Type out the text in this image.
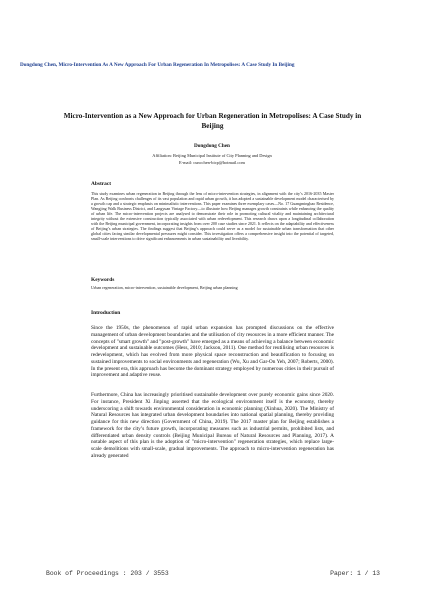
Dongdong Chen, Micro-Intervention As A New Approach For Urban Regeneration In Metropolises: A Case Study In Beijing
Micro-Intervention as a New Approach for Urban Regeneration in Metropolises: A Case Study in Beijing
Dongdong Chen
Affiliation: Beijing Municipal Institute of City Planning and Design
E-mail: cuncchen-bicp@hotmail.com
Abstract
This study examines urban regeneration in Beijing through the lens of micro-intervention strategies, in alignment with the city’s 2016-2035 Master Plan. As Beijing confronts challenges of its vast population and rapid urban growth, it has adopted a sustainable development model characterised by a growth cap and a strategic emphasis on minimalistic interventions. This paper examines three exemplary cases—No. 17 Guangmingbao Residence, Wangjing Walk Business District, and Langyuan Vintage Factory—to illustrate how Beijing manages growth constraints while enhancing the quality of urban life. The micro-intervention projects are analysed to demonstrate their role in promoting cultural vitality and maintaining architectural integrity without the extensive construction typically associated with urban redevelopment. This research draws upon a longitudinal collaboration with the Beijing municipal government, incorporating insights from over 200 case studies since 2021. It reflects on the adaptability and effectiveness of Beijing’s urban strategies. The findings suggest that Beijing’s approach could serve as a model for sustainable urban transformation that other global cities facing similar developmental pressures might consider. This investigation offers a comprehensive insight into the potential of targeted, small-scale interventions to drive significant enhancements in urban sustainability and liveability.
Keywords
Urban regeneration, micro-intervention, sustainable development, Beijing urban planning
Introduction
Since the 1950s, the phenomenon of rapid urban expansion has prompted discussions on the effective management of urban development boundaries and the utilisation of city resources in a more efficient manner. The concepts of "smart growth" and "post-growth" have emerged as a means of achieving a balance between economic development and sustainable outcomes (Hess, 2010; Jackson, 2011). One method for reutilising urban resources is redevelopment, which has evolved from more physical space reconstruction and beautification to focusing on sustained improvements to social environments and regeneration (Wu, Xu and Gar-On Yeh, 2007; Roberts, 2000). In the present era, this approach has become the dominant strategy employed by numerous cities in their pursuit of improvement and adaptive reuse.
Furthermore, China has increasingly prioritised sustainable development over purely economic gains since 2020. For instance, President Xi Jinping asserted that the ecological environment itself is the economy, thereby underscoring a shift towards environmental consideration in economic planning (Xinhua, 2020). The Ministry of Natural Resources has integrated urban development boundaries into national spatial planning, thereby providing guidance for this new direction (Government of China, 2019). The 2017 master plan for Beijing establishes a framework for the city’s future growth, incorporating measures such as industrial permits, prohibited lists, and differentiated urban density controls (Beijing Municipal Bureau of Natural Resources and Planning, 2017). A notable aspect of this plan is the adoption of "micro-intervention" regeneration strategies, which replace large-scale demolitions with small-scale, gradual improvements. The approach to micro-intervention regeneration has already generated
Book of Proceedings : 203 / 3553	Paper: 1 / 13
